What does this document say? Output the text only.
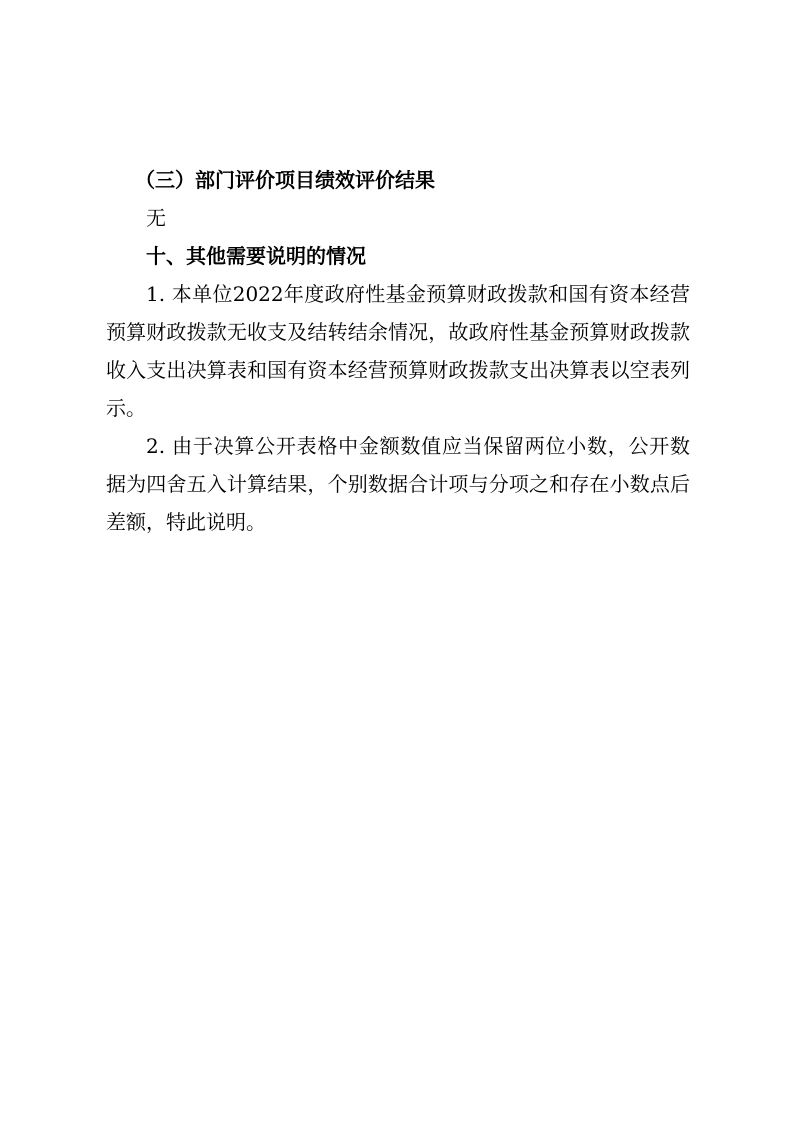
（三）部门评价项目绩效评价结果
无
十、其他需要说明的情况

1. 本单位2022年度政府性基金预算财政拨款和国有资本经营预算财政拨款无收支及结转结余情况，故政府性基金预算财政拨款收入支出决算表和国有资本经营预算财政拨款支出决算表以空表列示。

2. 由于决算公开表格中金额数值应当保留两位小数，公开数据为四舍五入计算结果，个别数据合计项与分项之和存在小数点后差额，特此说明。
